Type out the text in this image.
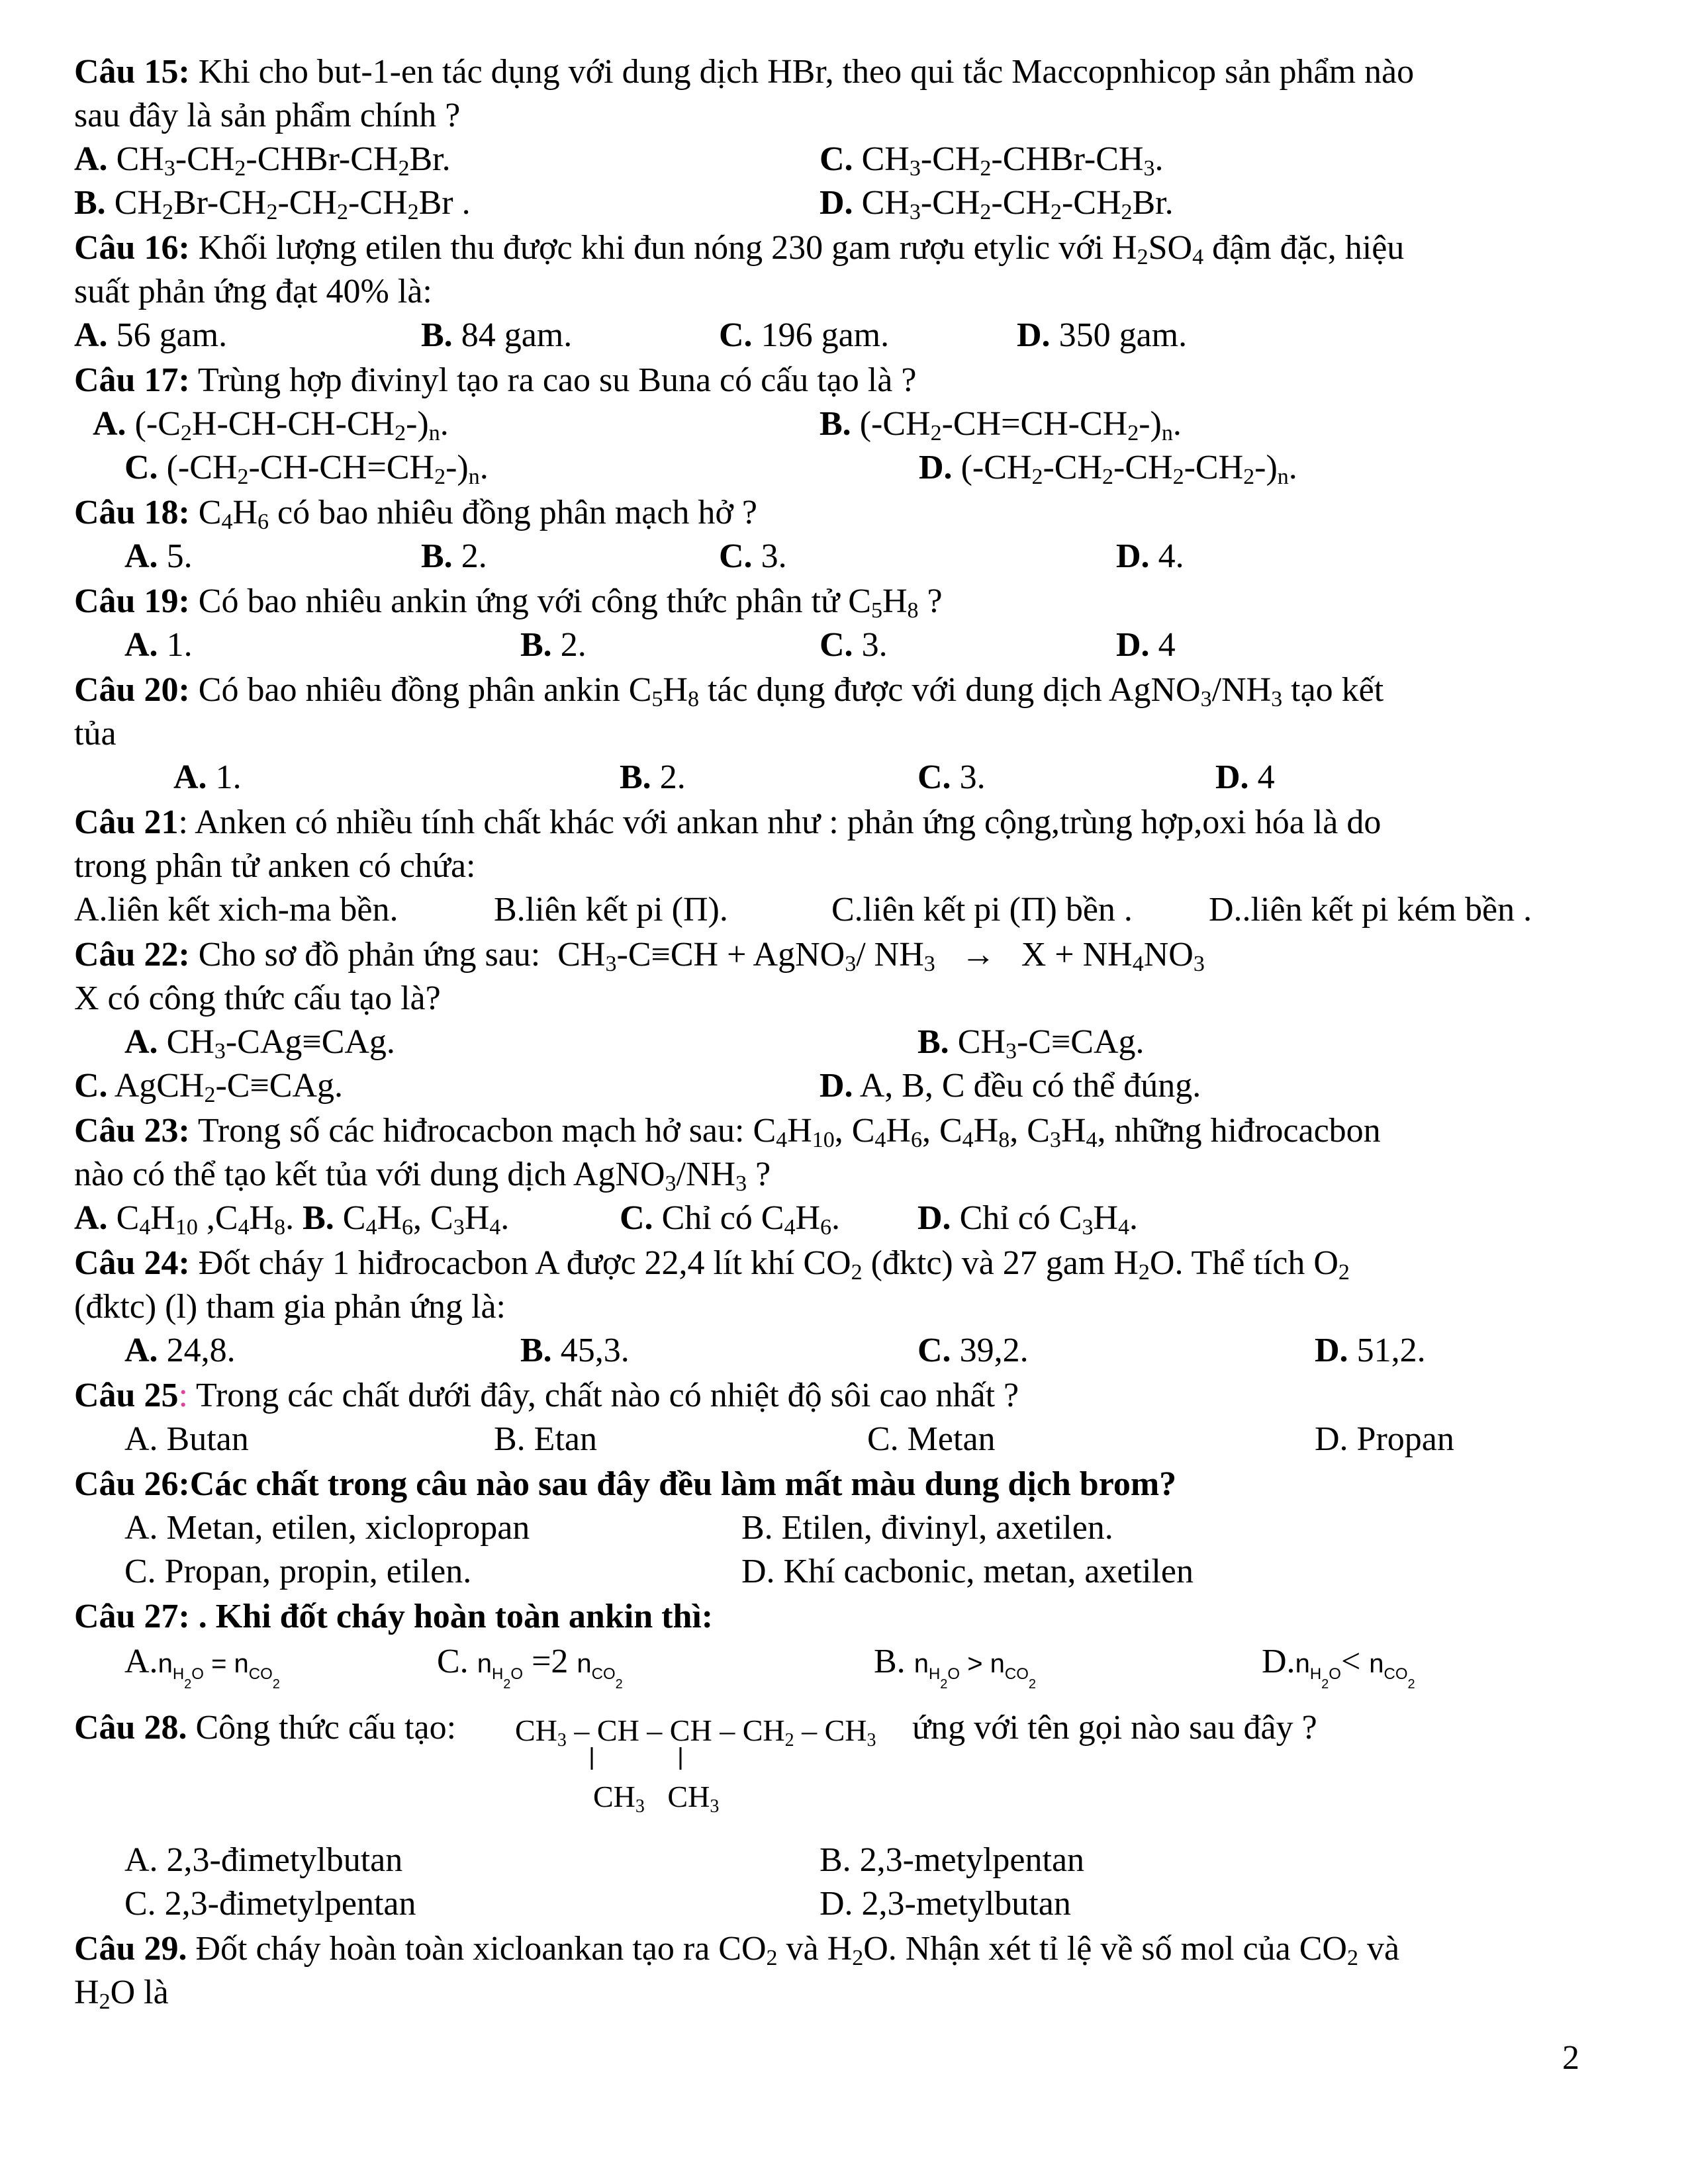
Câu 15: Khi cho but-1-en tác dụng với dung dịch HBr, theo qui tắc Maccopnhicop sản phẩm nào
sau đây là sản phẩm chính ?
A. $CH_3-CH_2-CHBr-CH_2Br$.	C. $CH_3-CH_2-CHBr-CH_3$.
B. $CH_2Br-CH_2-CH_2-CH_2Br$ .	D. $CH_3-CH_2-CH_2-CH_2Br$.
Câu 16: Khối lượng etilen thu được khi đun nóng 230 gam rượu etylic với $H_2SO_4$ đậm đặc, hiệu
suất phản ứng đạt 40% là:
A. 56 gam.	B. 84 gam.	C. 196 gam.	D. 350 gam.
Câu 17: Trùng hợp đivinyl tạo ra cao su Buna có cấu tạo là ?
A. $(-C_2H-CH-CH-CH_2-)_n$.	B. $(-CH_2-CH=CH-CH_2-)_n$.
C. $(-CH_2-CH-CH=CH_2-)_n$.	D. $(-CH_2-CH_2-CH_2-CH_2-)_n$.
Câu 18: $C_4H_6$ có bao nhiêu đồng phân mạch hở ?
A. 5.	B. 2.	C. 3.	D. 4.
Câu 19: Có bao nhiêu ankin ứng với công thức phân tử $C_5H_8$ ?
A. 1.	B. 2.	C. 3.	D. 4
Câu 20: Có bao nhiêu đồng phân ankin $C_5H_8$ tác dụng được với dung dịch $AgNO_3/NH_3$ tạo kết
tủa
A. 1.	B. 2.	C. 3.	D. 4
Câu 21: Anken có nhiều tính chất khác với ankan như : phản ứng cộng,trùng hợp,oxi hóa là do
trong phân tử anken có chứa:
A.liên kết xich-ma bền.	B.liên kết pi (Π).	C.liên kết pi (Π) bền . D..liên kết pi kém bền .
Câu 22: Cho sơ đồ phản ứng sau:  $CH_3-C\equiv CH$ + AgNO$_3$/ $NH_3 \to X + NH_4NO_3$
X có công thức cấu tạo là?
A. $CH_3-CAg\equiv CAg$.	B. $CH_3-C\equiv CAg$.
C. AgCH$_2$-C≡CAg.	D. A, B, C đều có thể đúng.
Câu 23: Trong số các hiđrocacbon mạch hở sau: $C_4H_{10}$, $C_4H_6$, $C_4H_8$, $C_3H_4$, những hiđrocacbon
nào có thể tạo kết tủa với dung dịch $AgNO_3/NH_3$ ?
A. $C_4H_{10}$ $,C_4H_8$. B. $C_4H_6$, $C_3H_4$.	C. Chỉ có $C_4H_6$. D. Chỉ có $C_3H_4$.
Câu 24: Đốt cháy 1 hiđrocacbon A được 22,4 lít khí $CO_2$ (đktc) và 27 gam $H_2O$. Thể tích $O_2$
(đktc) (l) tham gia phản ứng là:
A. 24,8.	B. 45,3.	C. 39,2.	D. 51,2.
Câu 25: Trong các chất dưới đây, chất nào có nhiệt độ sôi cao nhất ?
A. Butan	B. Etan	C. Metan	D. Propan
Câu 26:Các chất trong câu nào sau đây đều làm mất màu dung dịch brom?
A. Metan, etilen, xiclopropan	B. Etilen, đivinyl, axetilen.
C. Propan, propin, etilen.	D. Khí cacbonic, metan, axetilen
Câu 27: . Khi đốt cháy hoàn toàn ankin thì:
$A.n_{H_2O} = n_{CO_2}$
C. $n_{H_2O} =2$ $n_{CO_2}$
B. $n_{H_2O} > n_{CO_2}$
$D.n_{H_2O}< n_{CO_2}$
Câu 28. Công thức cấu tạo: $CH_3$ – CH – CH – $CH_2 - CH_3$ ứng với tên gọi nào sau đây ?
$CH_3$   $CH_3$
A. 2,3-đimetylbutan	B. 2,3-metylpentan
C. 2,3-đimetylpentan	D. 2,3-metylbutan
Câu 29. Đốt cháy hoàn toàn xicloankan tạo ra $CO_2$ và $H_2O$. Nhận xét tỉ lệ về số mol của $CO_2$ và
$H_2O$ là
2
